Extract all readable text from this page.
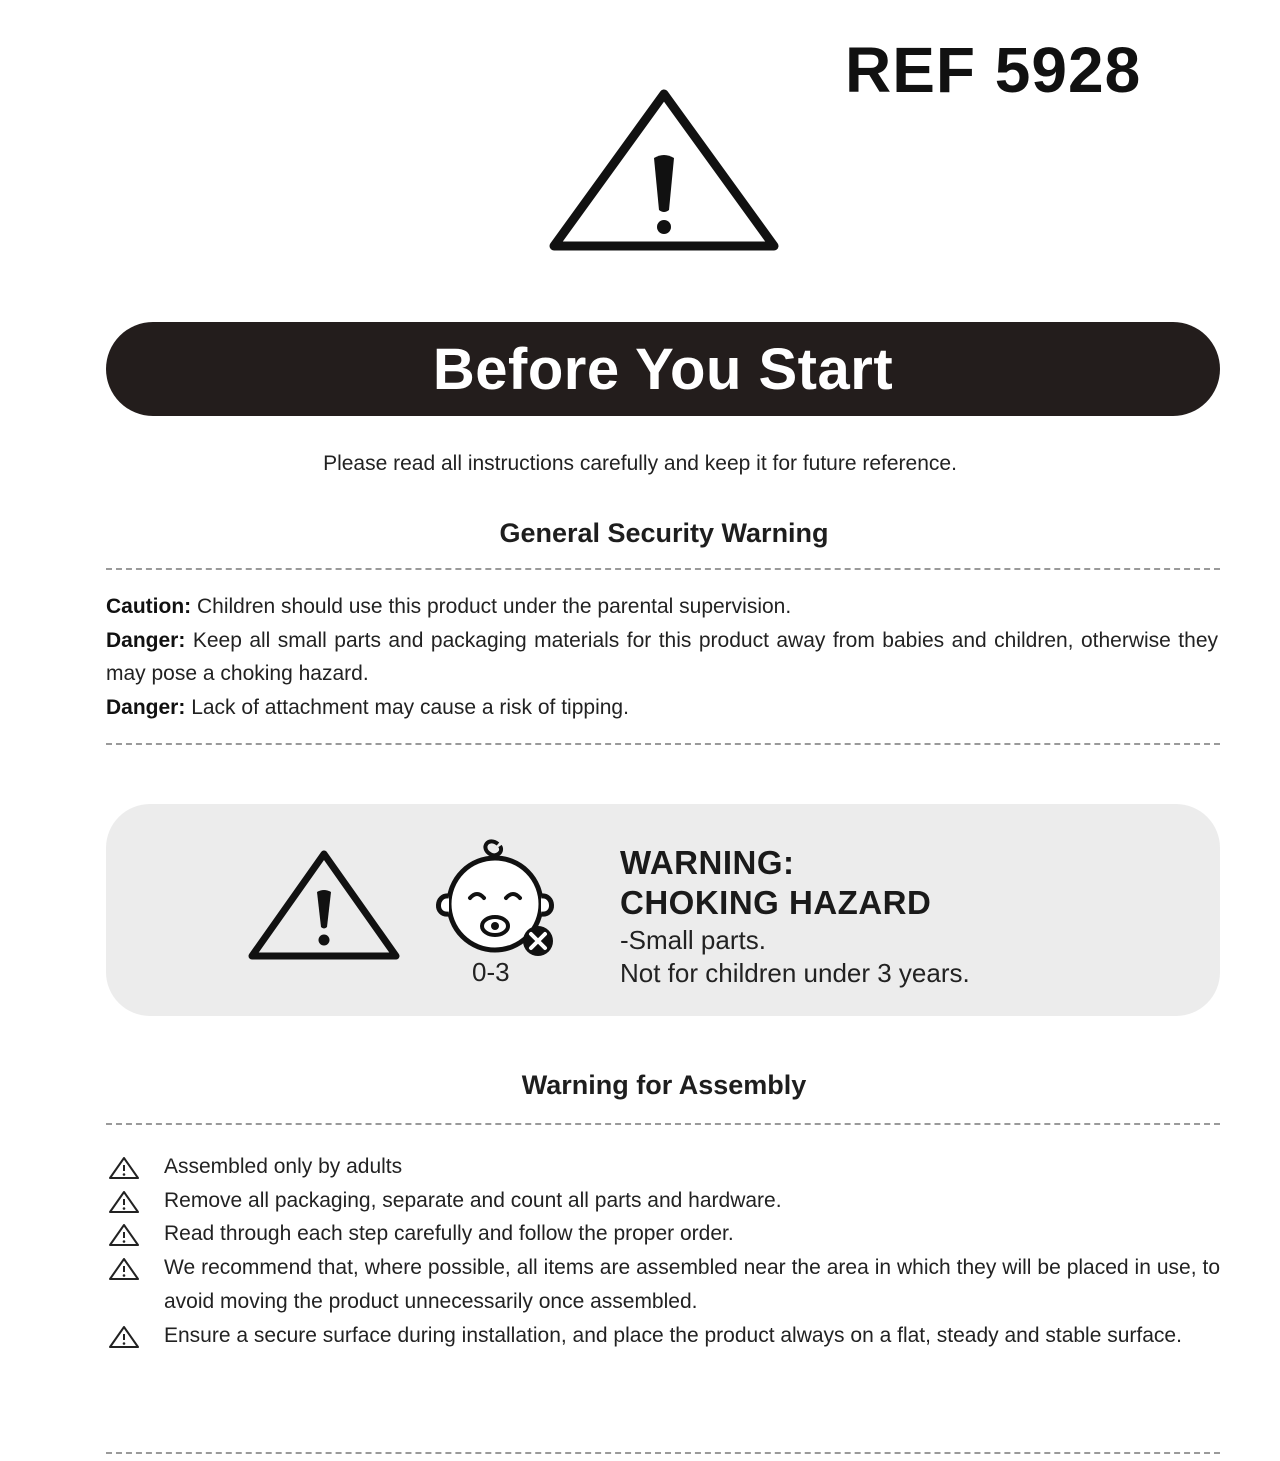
REF 5928
Before You Start
Please read all instructions carefully and keep it for future reference.
General Security Warning
Caution: Children should use this product under the parental supervision.
Danger: Keep all small parts and packaging materials for this product away from babies and children, otherwise they may pose a choking hazard.
Danger: Lack of attachment may cause a risk of tipping.
0-3
WARNING:
CHOKING HAZARD
-Small parts.
Not for children under 3 years.
Warning for Assembly
Assembled only by adults
Remove all packaging, separate and count all parts and hardware.
Read through each step carefully and follow the proper order.
We recommend that, where possible, all items are assembled near the area in which they will be placed in use, to avoid moving the product unnecessarily once assembled.
Ensure a secure surface during installation, and place the product always on a flat, steady and stable surface.
